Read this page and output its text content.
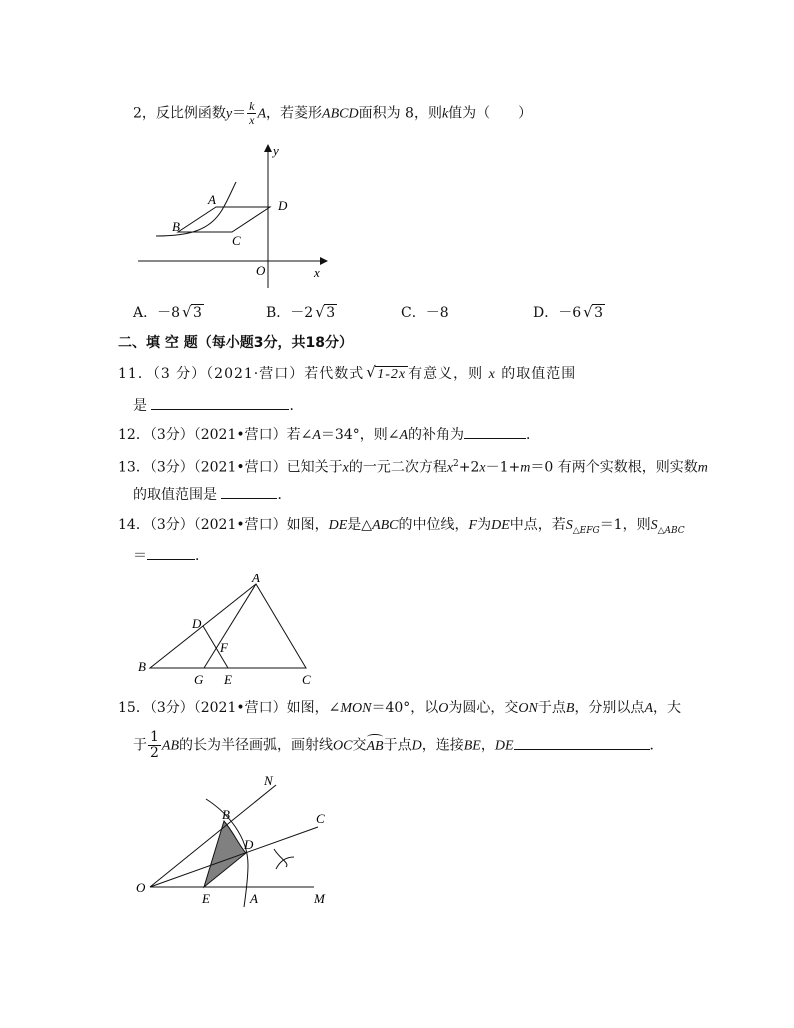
2，反比例函数$y= \frac{k}{x}$ A，若菱形ABCD面积为 8，则k值为（　　）
y
x
O
A
B
C
D
A．－8 √ 3	B．－2 √ 3	C．－8	D．－6 √ 3
二、填 空 题（每小题3分，共18分）
11．（3 分）（2021·营口）若代数式 √ 1-2x 有意义，则 x 的取值范围
是	．
12．（3分）（2021•营口）若∠A＝34°，则∠A的补角为	．
13．（3分）（2021•营口）已知关于x的一元二次方程$x^2+2x-1+m=0$ 有两个实数根，则实数m
的取值范围是	．
14．（3分）（2021•营口）如图，DE是△ABC的中位线，F为DE中点，若$S_{\triangle EFG}=1$，则$S_{\triangle ABC}$
＝	．
A
D
F
B
G E	C
15．（3分）（2021•营口）如图，∠MON＝40°，以O为圆心，交ON于点B，分别以点A，大
于 $\frac{1}{2}$ AB的长为半径画弧，画射线OC交AB于点D，连接BE，DE	．
N
B	C
D
O
E	A	M
